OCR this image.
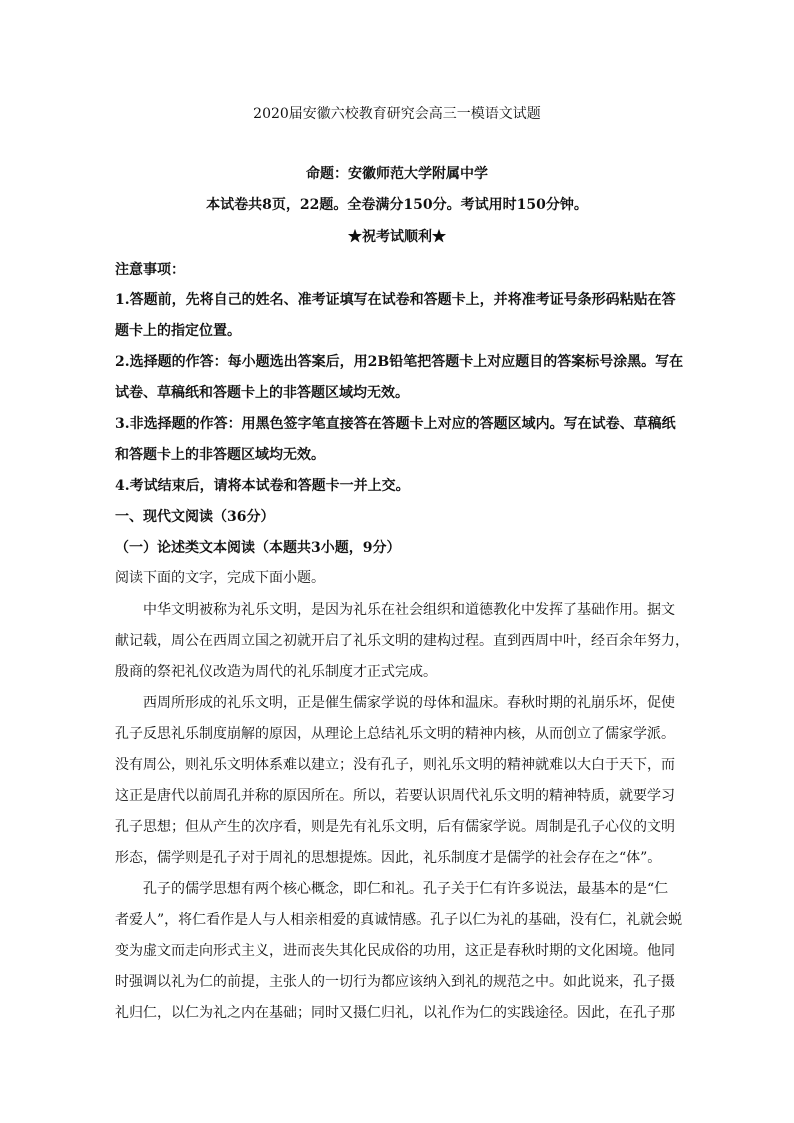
2020届安徽六校教育研究会高三一模语文试题
命题：安徽师范大学附属中学
本试卷共8页，22题。全卷满分150分。考试用时150分钟。
★祝考试顺利★
注意事项：
1.答题前，先将自己的姓名、准考证填写在试卷和答题卡上，并将准考证号条形码粘贴在答
题卡上的指定位置。
2.选择题的作答：每小题选出答案后，用2B铅笔把答题卡上对应题目的答案标号涂黑。写在
试卷、草稿纸和答题卡上的非答题区域均无效。
3.非选择题的作答：用黑色签字笔直接答在答题卡上对应的答题区域内。写在试卷、草稿纸
和答题卡上的非答题区域均无效。
4.考试结束后，请将本试卷和答题卡一并上交。
一、现代文阅读（36分）
（一）论述类文本阅读（本题共3小题，9分）
阅读下面的文字，完成下面小题。
　　中华文明被称为礼乐文明，是因为礼乐在社会组织和道德教化中发挥了基础作用。据文
献记载，周公在西周立国之初就开启了礼乐文明的建构过程。直到西周中叶，经百余年努力，
殷商的祭祀礼仪改造为周代的礼乐制度才正式完成。
　　西周所形成的礼乐文明，正是催生儒家学说的母体和温床。春秋时期的礼崩乐坏，促使
孔子反思礼乐制度崩解的原因，从理论上总结礼乐文明的精神内核，从而创立了儒家学派。
没有周公，则礼乐文明体系难以建立；没有孔子，则礼乐文明的精神就难以大白于天下，而
这正是唐代以前周孔并称的原因所在。所以，若要认识周代礼乐文明的精神特质，就要学习
孔子思想；但从产生的次序看，则是先有礼乐文明，后有儒家学说。周制是孔子心仪的文明
形态，儒学则是孔子对于周礼的思想提炼。因此，礼乐制度才是儒学的社会存在之“体”。
　　孔子的儒学思想有两个核心概念，即仁和礼。孔子关于仁有许多说法，最基本的是“仁
者爱人”，将仁看作是人与人相亲相爱的真诚情感。孔子以仁为礼的基础，没有仁，礼就会蜕
变为虚文而走向形式主义，进而丧失其化民成俗的功用，这正是春秋时期的文化困境。他同
时强调以礼为仁的前提，主张人的一切行为都应该纳入到礼的规范之中。如此说来，孔子摄
礼归仁，以仁为礼之内在基础；同时又摄仁归礼，以礼作为仁的实践途径。因此，在孔子那
